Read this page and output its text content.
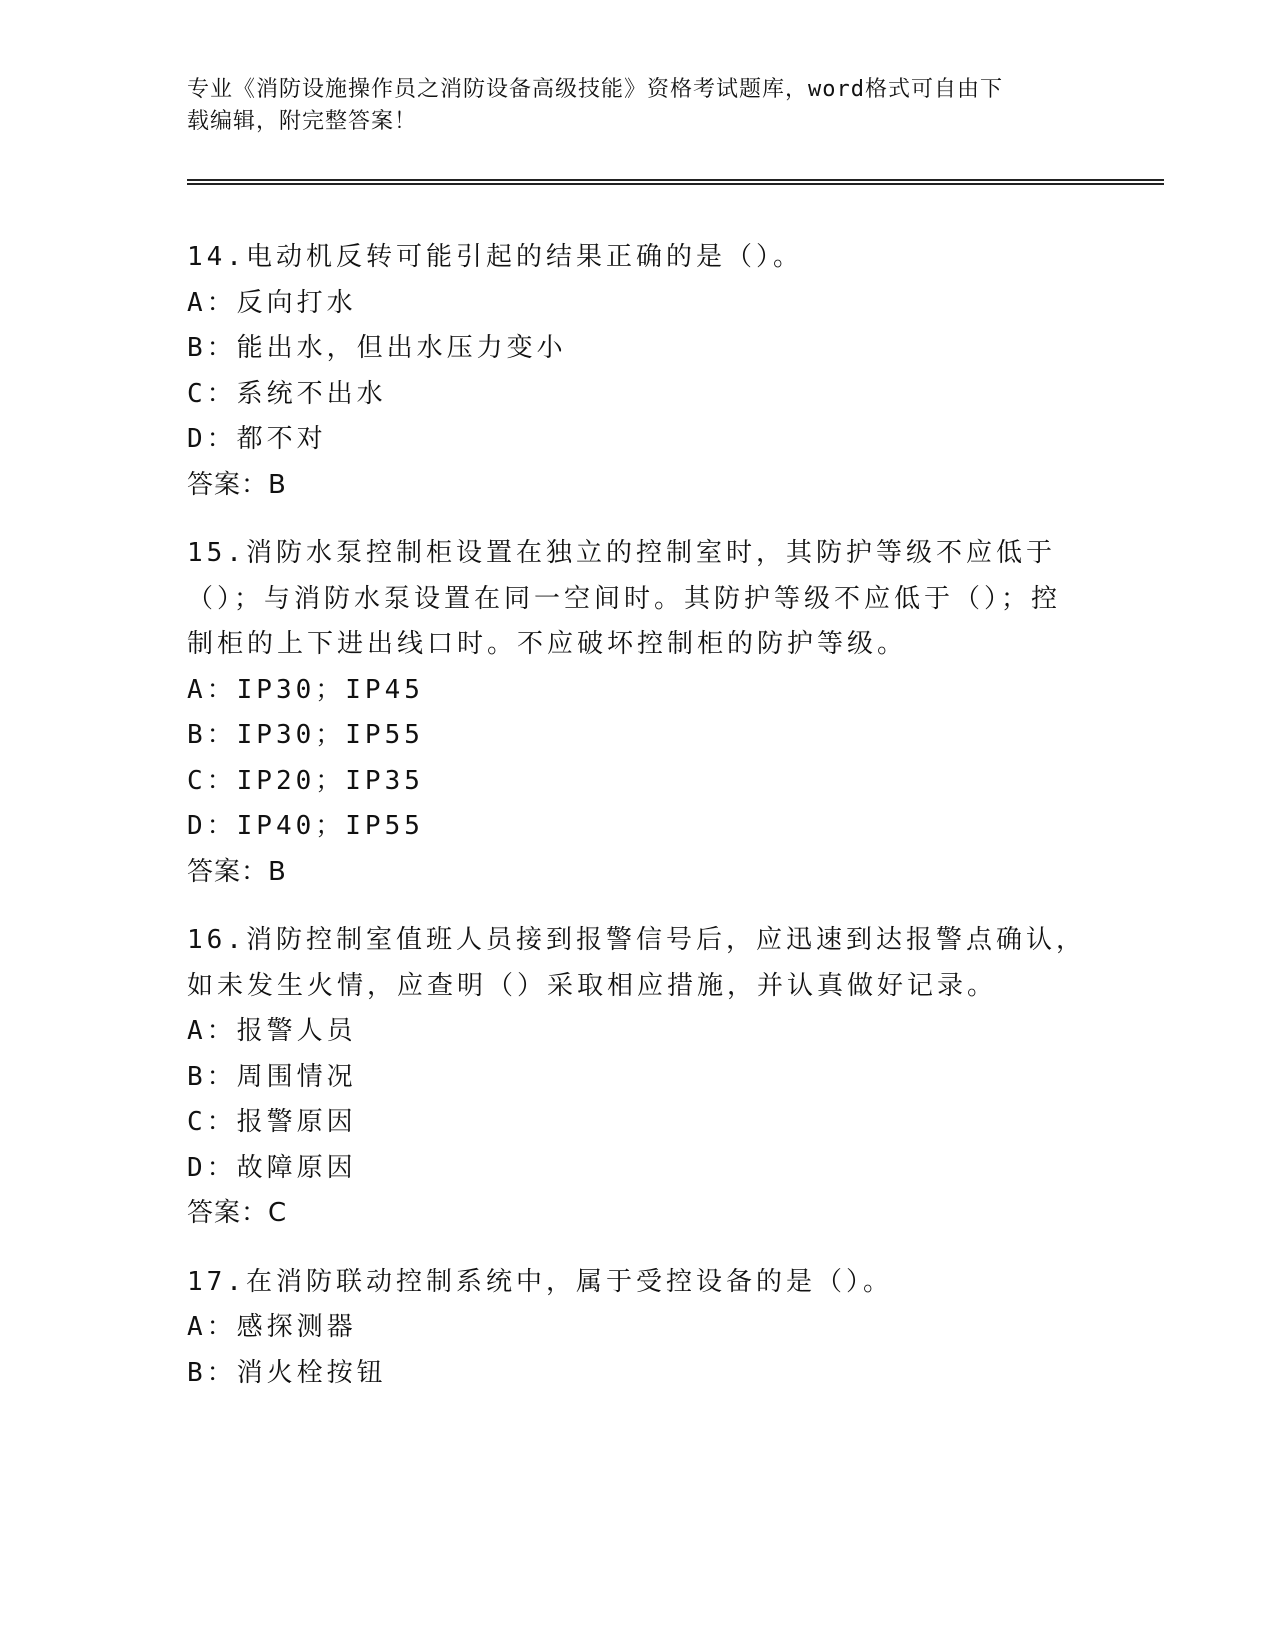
专业《消防设施操作员之消防设备高级技能》资格考试题库，word格式可自由下
载编辑，附完整答案！
14.电动机反转可能引起的结果正确的是（）。
A：反向打水
B：能出水，但出水压力变小
C：系统不出水
D：都不对
答案：B
15.消防水泵控制柜设置在独立的控制室时，其防护等级不应低于（）；与消防水泵设置在同一空间时。其防护等级不应低于（）；控制柜的上下进出线口时。不应破坏控制柜的防护等级。
A：IP30；IP45
B：IP30；IP55
C：IP20；IP35
D：IP40；IP55
答案：B
16.消防控制室值班人员接到报警信号后，应迅速到达报警点确认，如未发生火情，应查明（）采取相应措施，并认真做好记录。
A：报警人员
B：周围情况
C：报警原因
D：故障原因
答案：C
17.在消防联动控制系统中，属于受控设备的是（）。
A：感探测器
B：消火栓按钮
